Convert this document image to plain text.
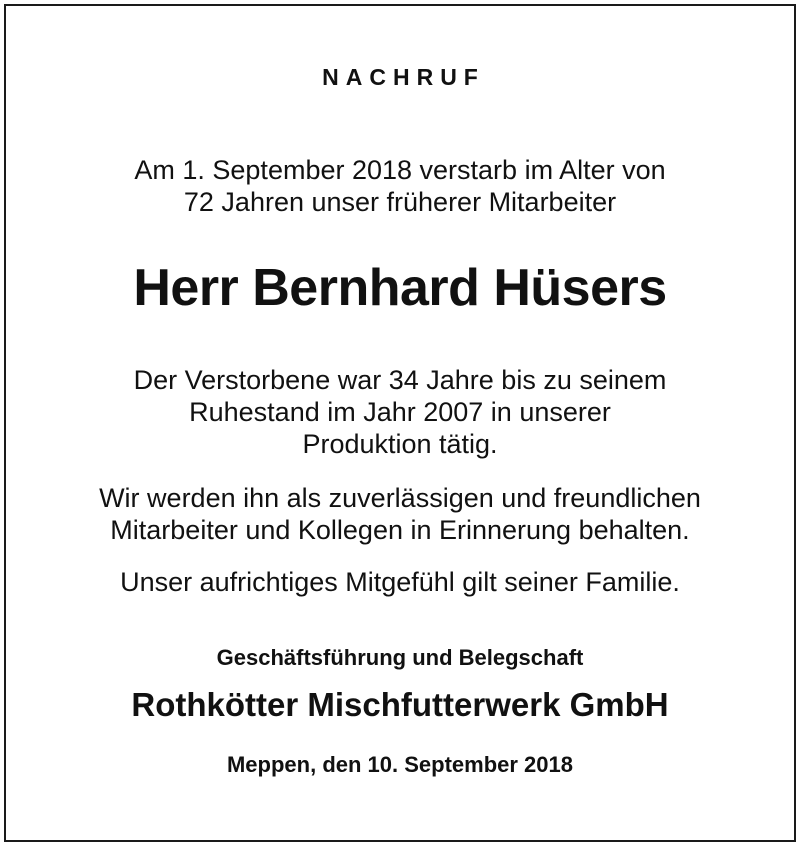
NACHRUF
Am 1. September 2018 verstarb im Alter von
72 Jahren unser früherer Mitarbeiter
Herr Bernhard Hüsers
Der Verstorbene war 34 Jahre bis zu seinem
Ruhestand im Jahr 2007 in unserer
Produktion tätig.
Wir werden ihn als zuverlässigen und freundlichen
Mitarbeiter und Kollegen in Erinnerung behalten.
Unser aufrichtiges Mitgefühl gilt seiner Familie.
Geschäftsführung und Belegschaft
Rothkötter Mischfutterwerk GmbH
Meppen, den 10. September 2018
